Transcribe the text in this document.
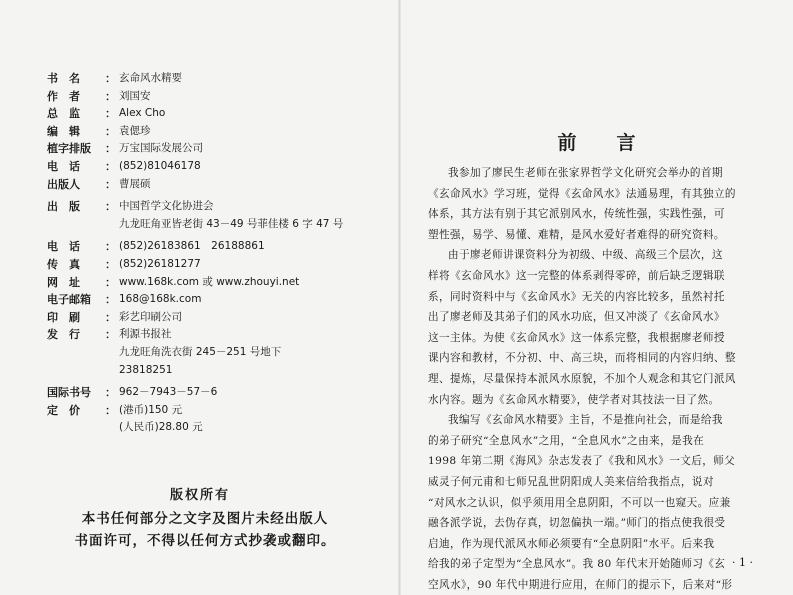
书　名	： 玄命风水精要
作　者	： 刘国安
总　监	： Alex Cho
编　辑	： 袁偲珍
植字排版	： 万宝国际发展公司
电　话	： (852)81046178
出版人	： 曹展硕
出　版	： 中国哲学文化协进会
九龙旺角亚皆老街 43－49 号菲佳楼 6 字 47 号
电　话	： (852)26183861　26188861
传　真	： (852)26181277
网　址	： www.168k.com 或 www.zhouyi.net
电子邮箱	： 168@168k.com
印　刷	： 彩艺印刷公司
发　行	： 利源书报社
九龙旺角洗衣街 245－251 号地下
23818251
国际书号	： 962－7943－57－6
定　价	： (港币)150 元
(人民币)28.80 元
版权所有
本书任何部分之文字及图片未经出版人
书面许可，不得以任何方式抄袭或翻印。
前 言
我参加了廖民生老师在张家界哲学文化研究会举办的首期
《玄命风水》学习班，觉得《玄命风水》法通易理，有其独立的
体系，其方法有别于其它派别风水，传统性强，实践性强，可
塑性强，易学、易懂、难精，是风水爱好者难得的研究资料。
由于廖老师讲课资料分为初级、中级、高级三个层次，这
样将《玄命风水》这一完整的体系剥得零碎，前后缺乏逻辑联
系，同时资料中与《玄命风水》无关的内容比较多，虽然衬托
出了廖老师及其弟子们的风水功底，但又冲淡了《玄命风水》
这一主体。为使《玄命风水》这一体系完整，我根据廖老师授
课内容和教材，不分初、中、高三块，而将相同的内容归纳、整
理、提炼，尽量保持本派风水原貌，不加个人观念和其它门派风
水内容。题为《玄命风水精要》，使学者对其技法一目了然。
我编写《玄命风水精要》主旨，不是推向社会，而是给我
的弟子研究“全息风水”之用，“全息风水”之由来，是我在
1998 年第二期《海风》杂志发表了《我和风水》一文后，师父
威灵子何元甫和七师兄乱世阴阳成人美来信给我指点，说对
“对风水之认识，似乎须用用全息阴阳，不可以一也窥天。应兼
融各派学说，去伪存真，切忽偏执一端。”师门的指点使我很受
启迪，作为现代派风水师必须要有“全息阴阳”水平。后来我
给我的弟子定型为“全息风水”。我 80 年代末开始随师习《玄
空风水》，90 年代中期进行应用，在师门的提示下，后来对“形
· 1 ·
